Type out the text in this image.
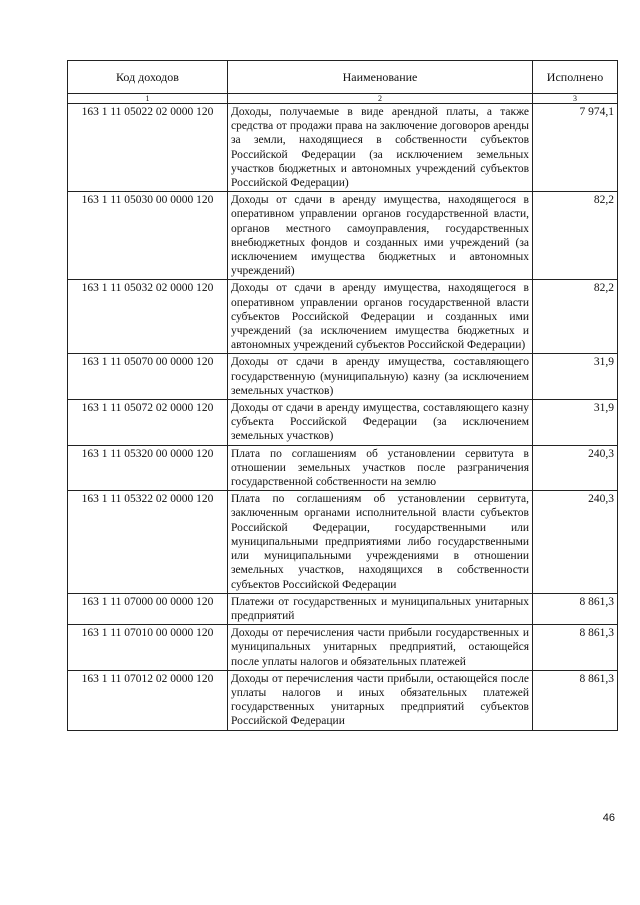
Код доходов	Наименование	Исполнено
1	2	3
163 1 11 05022 02 0000 120	Доходы, получаемые в виде арендной платы, а также средства от продажи права на заключение договоров аренды за земли, находящиеся в собственности субъектов Российской Федерации (за исключением земельных участков бюджетных и автономных учреждений субъектов Российской Федерации)	7 974,1
163 1 11 05030 00 0000 120	Доходы от сдачи в аренду имущества, находящегося в оперативном управлении органов государственной власти, органов местного самоуправления, государственных внебюджетных фондов и созданных ими учреждений (за исключением имущества бюджетных и автономных учреждений)	82,2
163 1 11 05032 02 0000 120	Доходы от сдачи в аренду имущества, находящегося в оперативном управлении органов государственной власти субъектов Российской Федерации и созданных ими учреждений (за исключением имущества бюджетных и автономных учреждений субъектов Российской Федерации)	82,2
163 1 11 05070 00 0000 120	Доходы от сдачи в аренду имущества, составляющего государственную (муниципальную) казну (за исключением земельных участков)	31,9
163 1 11 05072 02 0000 120	Доходы от сдачи в аренду имущества, составляющего казну субъекта Российской Федерации (за исключением земельных участков)	31,9
163 1 11 05320 00 0000 120	Плата по соглашениям об установлении сервитута в отношении земельных участков после разграничения государственной собственности на землю	240,3
163 1 11 05322 02 0000 120	Плата по соглашениям об установлении сервитута, заключенным органами исполнительной власти субъектов Российской Федерации, государственными или муниципальными предприятиями либо государственными или муниципальными учреждениями в отношении земельных участков, находящихся в собственности субъектов Российской Федерации	240,3
163 1 11 07000 00 0000 120	Платежи от государственных и муниципальных унитарных предприятий	8 861,3
163 1 11 07010 00 0000 120	Доходы от перечисления части прибыли государственных и муниципальных унитарных предприятий, остающейся после уплаты налогов и обязательных платежей	8 861,3
163 1 11 07012 02 0000 120	Доходы от перечисления части прибыли, остающейся после уплаты налогов и иных обязательных платежей государственных унитарных предприятий субъектов Российской Федерации	8 861,3
46
